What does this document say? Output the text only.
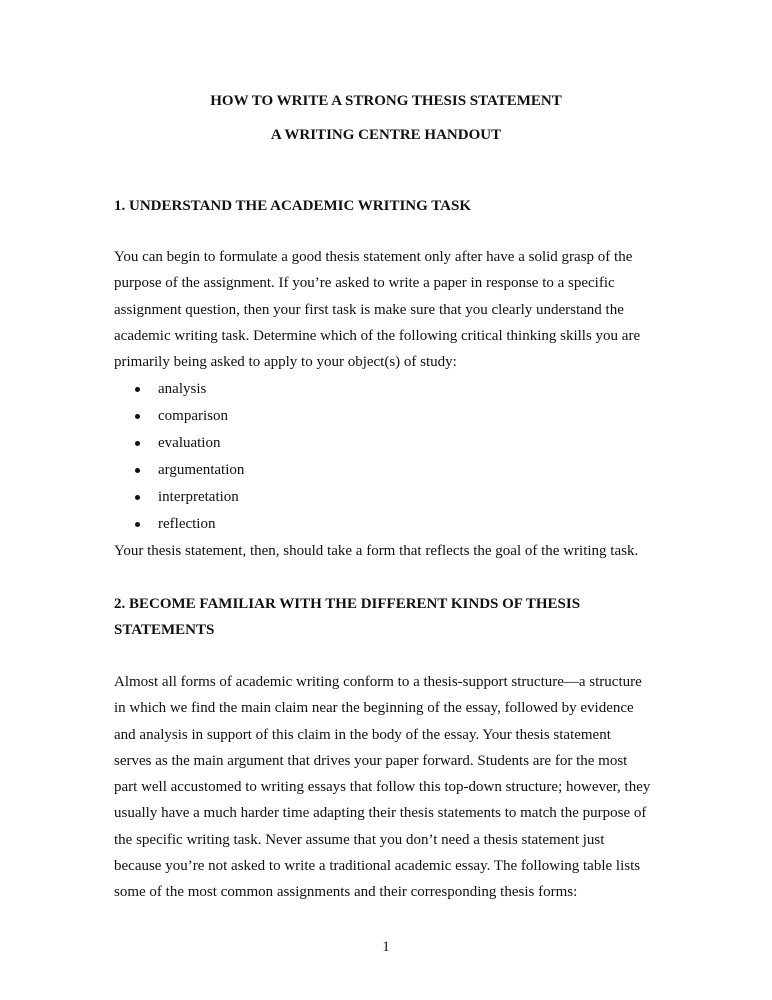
HOW TO WRITE A STRONG THESIS STATEMENT
A WRITING CENTRE HANDOUT
1. UNDERSTAND THE ACADEMIC WRITING TASK
You can begin to formulate a good thesis statement only after have a solid grasp of the
purpose of the assignment. If you’re asked to write a paper in response to a specific
assignment question, then your first task is make sure that you clearly understand the
academic writing task. Determine which of the following critical thinking skills you are
primarily being asked to apply to your object(s) of study:
analysis
comparison
evaluation
argumentation
interpretation
reflection
Your thesis statement, then, should take a form that reflects the goal of the writing task.
2. BECOME FAMILIAR WITH THE DIFFERENT KINDS OF THESIS
STATEMENTS
Almost all forms of academic writing conform to a thesis-support structure—a structure
in which we find the main claim near the beginning of the essay, followed by evidence
and analysis in support of this claim in the body of the essay. Your thesis statement
serves as the main argument that drives your paper forward. Students are for the most
part well accustomed to writing essays that follow this top-down structure; however, they
usually have a much harder time adapting their thesis statements to match the purpose of
the specific writing task. Never assume that you don’t need a thesis statement just
because you’re not asked to write a traditional academic essay. The following table lists
some of the most common assignments and their corresponding thesis forms:
1
